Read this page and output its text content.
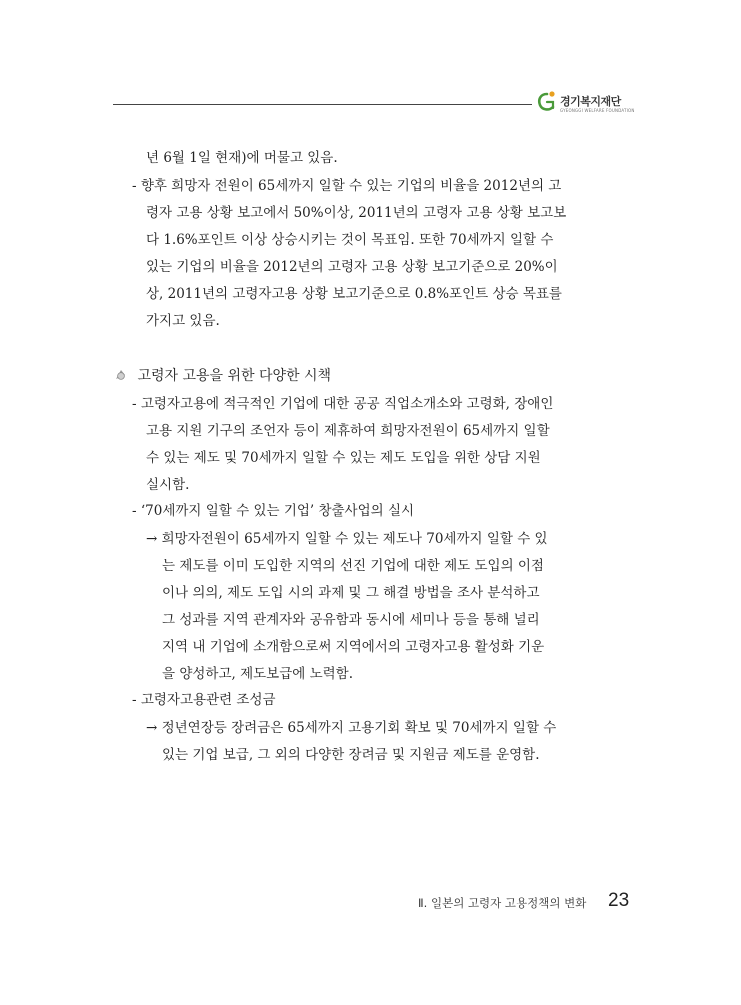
경기복지재단
GYEONGGI WELFARE FOUNDATION
년 6월 1일 현재)에 머물고 있음.
- 향후 희망자 전원이 65세까지 일할 수 있는 기업의 비율을 2012년의 고
령자 고용 상황 보고에서 50%이상, 2011년의 고령자 고용 상황 보고보
다 1.6%포인트 이상 상승시키는 것이 목표임. 또한 70세까지 일할 수
있는 기업의 비율을 2012년의 고령자 고용 상황 보고기준으로 20%이
상, 2011년의 고령자고용 상황 보고기준으로 0.8%포인트 상승 목표를
가지고 있음.
고령자 고용을 위한 다양한 시책
- 고령자고용에 적극적인 기업에 대한 공공 직업소개소와 고령화, 장애인
고용 지원 기구의 조언자 등이 제휴하여 희망자전원이 65세까지 일할
수 있는 제도 및 70세까지 일할 수 있는 제도 도입을 위한 상담 지원
실시함.
- ‘70세까지 일할 수 있는 기업’ 창출사업의 실시
→ 희망자전원이 65세까지 일할 수 있는 제도나 70세까지 일할 수 있
는 제도를 이미 도입한 지역의 선진 기업에 대한 제도 도입의 이점
이나 의의, 제도 도입 시의 과제 및 그 해결 방법을 조사 분석하고
그 성과를 지역 관계자와 공유함과 동시에 세미나 등을 통해 널리
지역 내 기업에 소개함으로써 지역에서의 고령자고용 활성화 기운
을 양성하고, 제도보급에 노력함.
- 고령자고용관련 조성금
→ 정년연장등 장려금은 65세까지 고용기회 확보 및 70세까지 일할 수
있는 기업 보급, 그 외의 다양한 장려금 및 지원금 제도를 운영함.
Ⅱ. 일본의 고령자 고용정책의 변화 23
